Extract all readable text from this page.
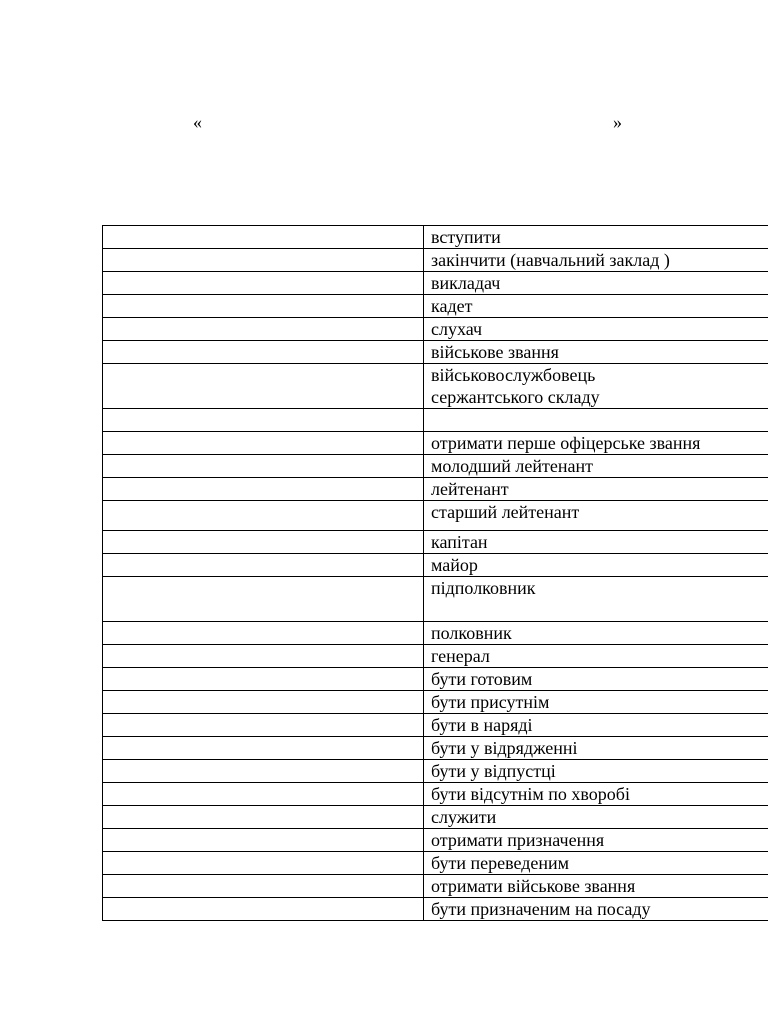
«	»
	вступити
	закінчити (навчальний заклад )
	викладач
	кадет
	слухач
	військове звання
	військовослужбовець
сержантського складу

	отримати перше офіцерське звання
	молодший лейтенант
	лейтенант
	старший лейтенант
	капітан
	майор
	підполковник
	полковник
	генерал
	бути готовим
	бути присутнім
	бути в наряді
	бути у відрядженні
	бути у відпустці
	бути відсутнім по хворобі
	служити
	отримати призначення
	бути переведеним
	отримати військове звання
	бути призначеним на посаду
